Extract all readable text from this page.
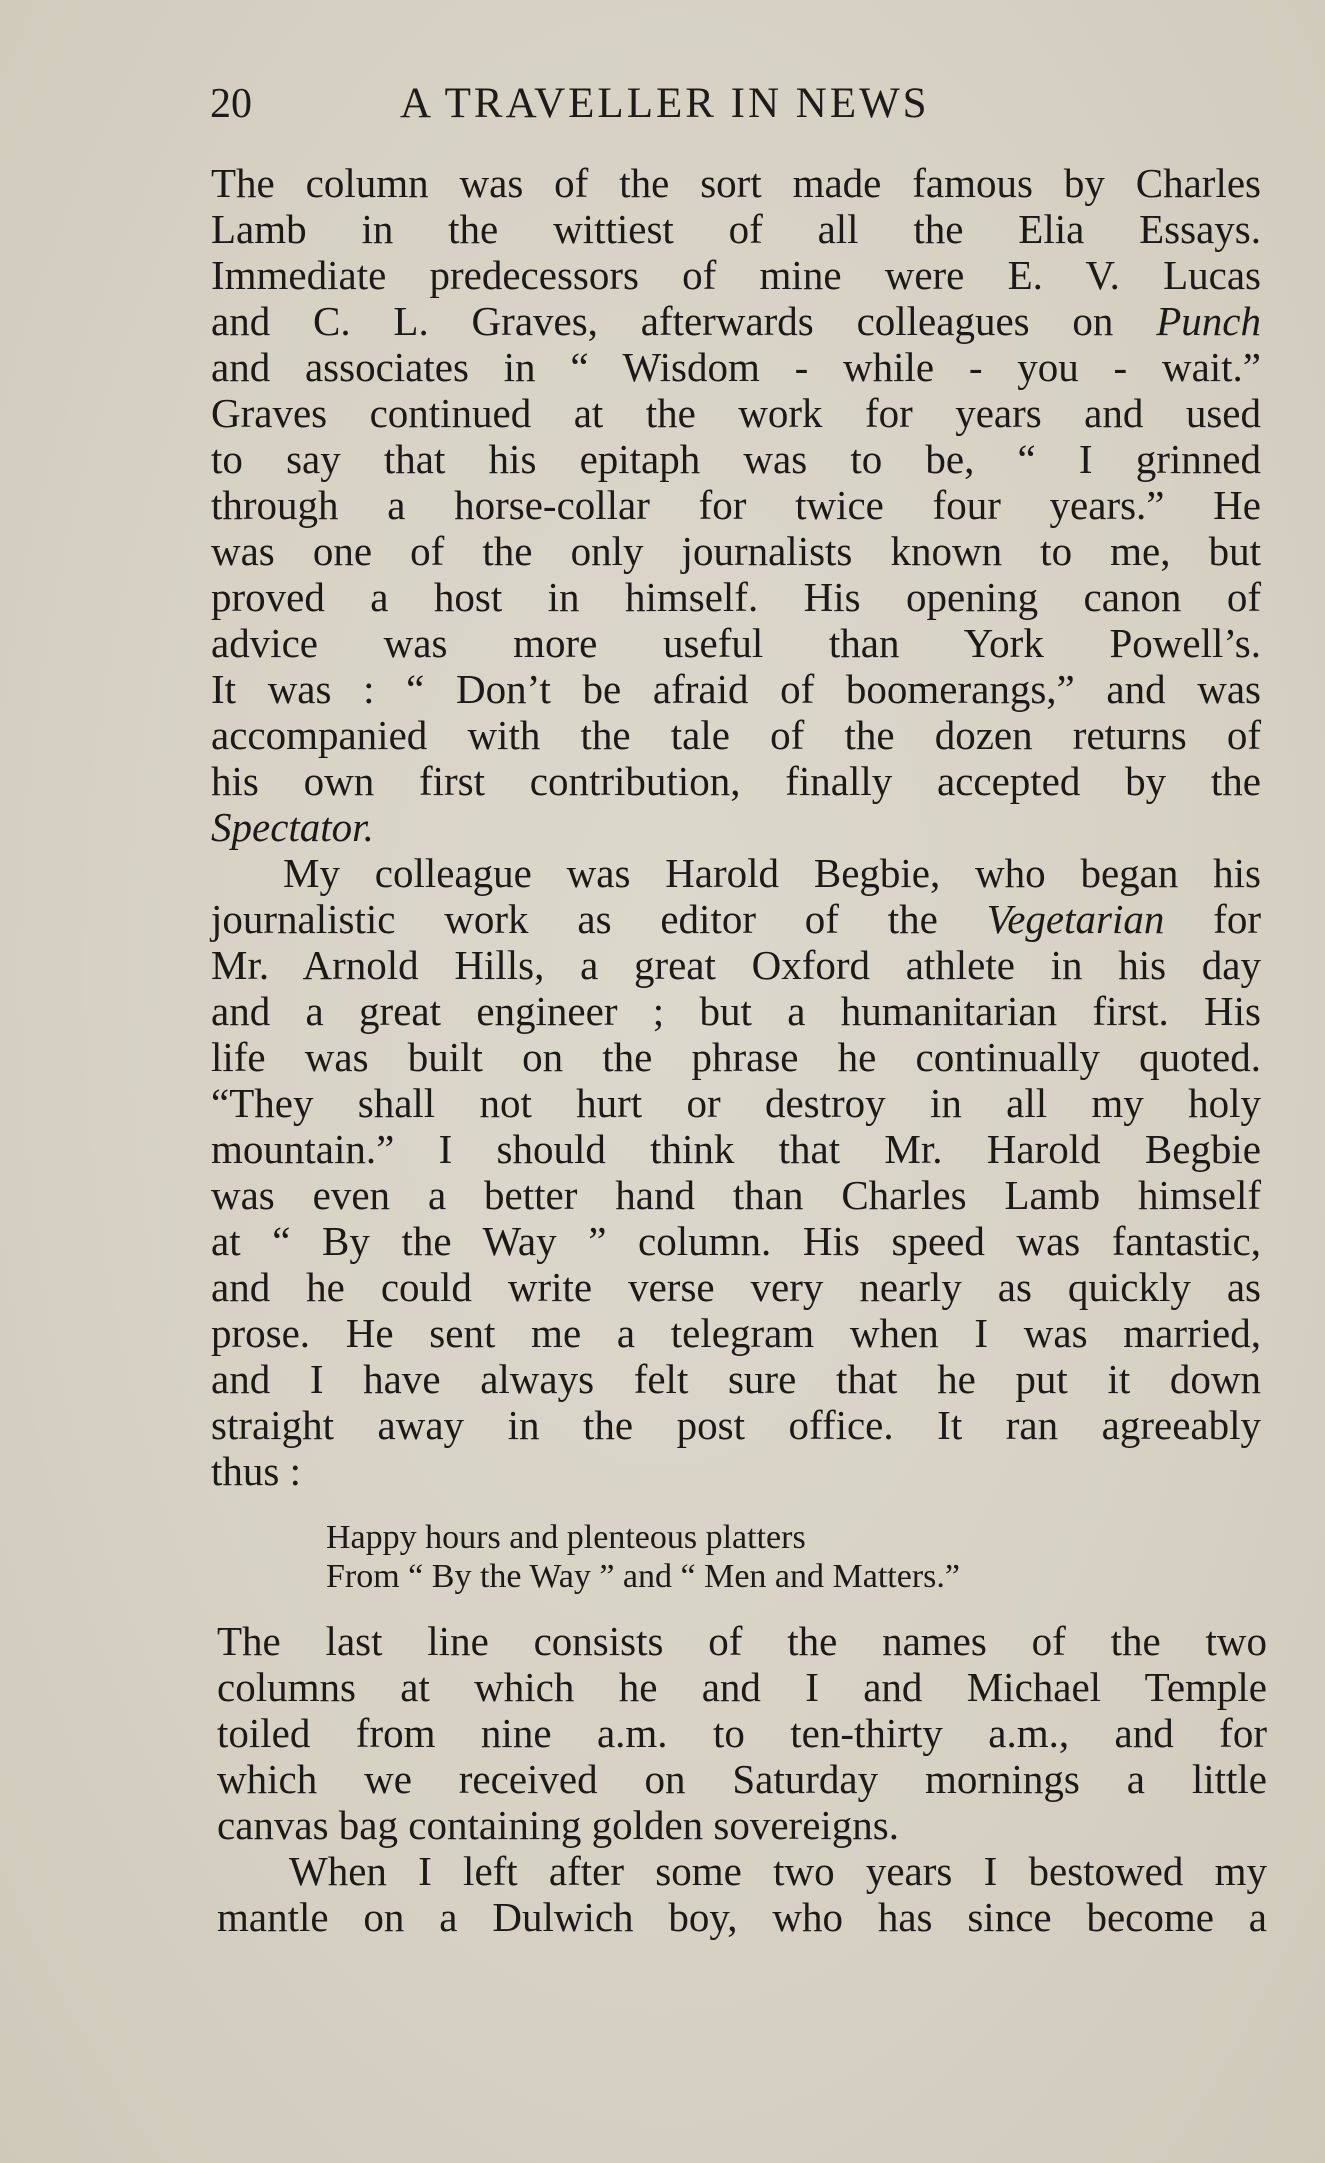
20	A TRAVELLER IN NEWS

The column was of the sort made famous by Charles

Lamb in the wittiest of all the Elia Essays.

Immediate predecessors of mine were E. V. Lucas

and C. L. Graves, afterwards colleagues on Punch

and associates in “ Wisdom - while - you - wait.”

Graves continued at the work for years and used

to say that his epitaph was to be, “ I grinned

through a horse-collar for twice four years.” He

was one of the only journalists known to me, but

proved a host in himself. His opening canon of

advice was more useful than York Powell’s.

It was : “ Don’t be afraid of boomerangs,” and was

accompanied with the tale of the dozen returns of

his own first contribution, finally accepted by the

Spectator.

My colleague was Harold Begbie, who began his

journalistic work as editor of the Vegetarian for

Mr. Arnold Hills, a great Oxford athlete in his day

and a great engineer ; but a humanitarian first. His

life was built on the phrase he continually quoted.

“They shall not hurt or destroy in all my holy

mountain.” I should think that Mr. Harold Begbie

was even a better hand than Charles Lamb himself

at “ By the Way ” column. His speed was fantastic,

and he could write verse very nearly as quickly as

prose. He sent me a telegram when I was married,

and I have always felt sure that he put it down

straight away in the post office. It ran agreeably

thus :

Happy hours and plenteous platters

From “ By the Way ” and “ Men and Matters.”

The last line consists of the names of the two

columns at which he and I and Michael Temple

toiled from nine a.m. to ten-thirty a.m., and for

which we received on Saturday mornings a little

canvas bag containing golden sovereigns.

When I left after some two years I bestowed my

mantle on a Dulwich boy, who has since become a
